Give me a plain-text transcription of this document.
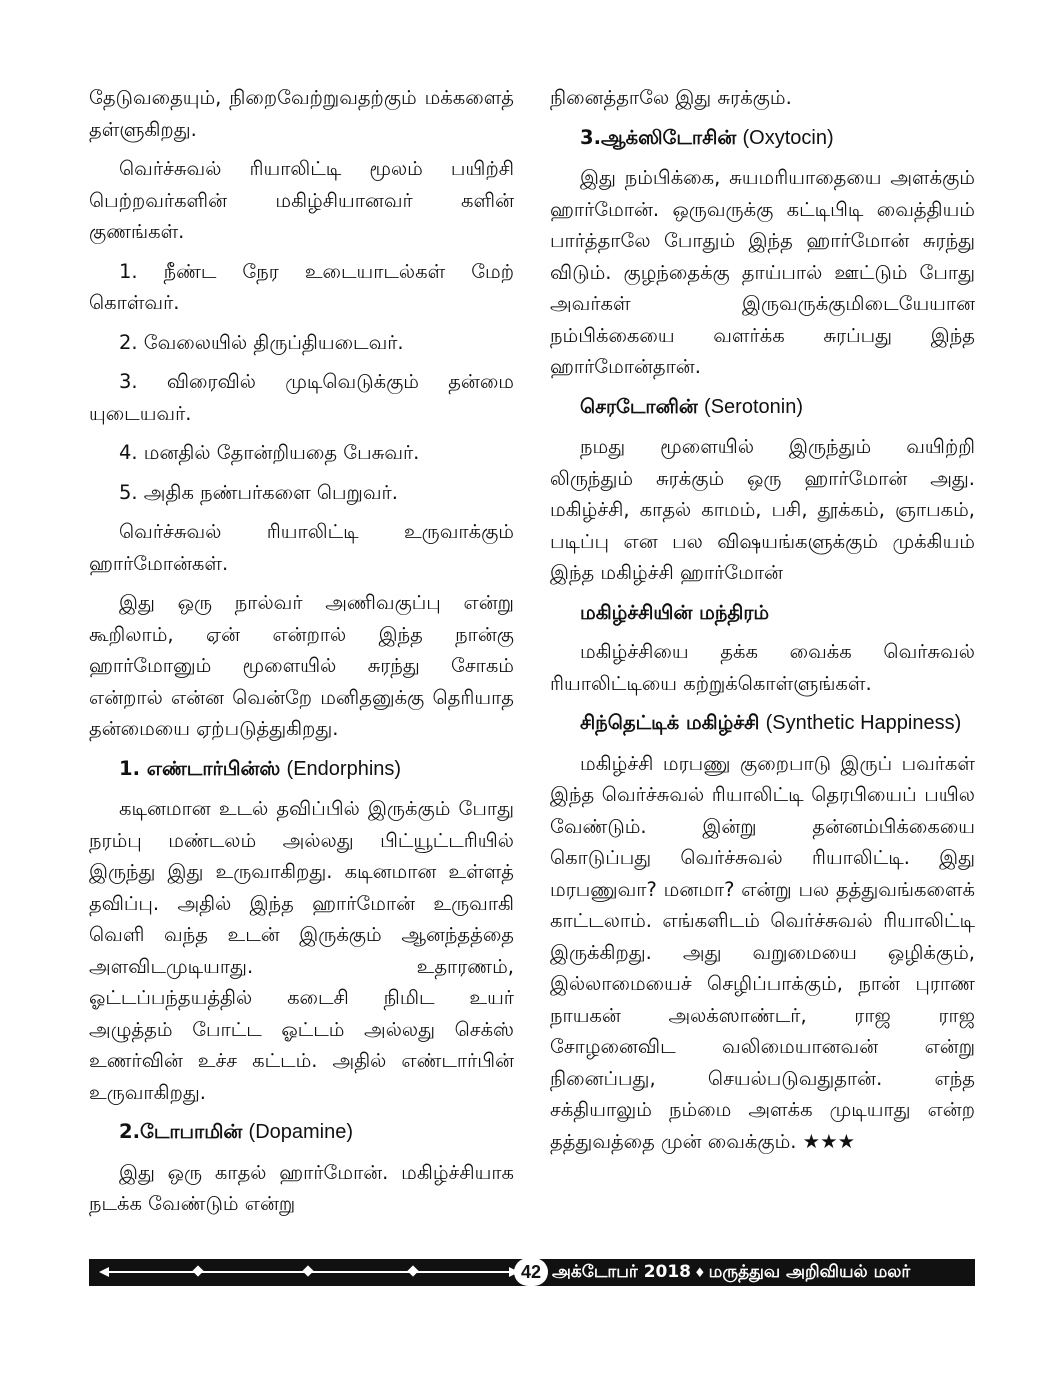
தேடுவதையும், நிறைவேற்றுவதற்கும் மக்களைத் தள்ளுகிறது.

வெர்ச்சுவல் ரியாலிட்டி மூலம் பயிற்சி பெற்றவர்களின் மகிழ்சியானவர் களின் குணங்கள்.

1. நீண்ட நேர உடையாடல்கள் மேற் கொள்வர்.

2. வேலையில் திருப்தியடைவர்.

3. விரைவில் முடிவெடுக்கும் தன்மை யுடையவர்.

4. மனதில் தோன்றியதை பேசுவர்.

5. அதிக நண்பர்களை பெறுவர்.

வெர்ச்சுவல் ரியாலிட்டி உருவாக்கும் ஹார்மோன்கள்.

இது ஒரு நால்வர் அணிவகுப்பு என்று கூறிலாம், ஏன் என்றால் இந்த நான்கு ஹார்மோனும் மூளையில் சுரந்து சோகம் என்றால் என்ன வென்றே மனிதனுக்கு தெரியாத தன்மையை ஏற்படுத்துகிறது.

1. எண்டார்பின்ஸ் (Endorphins)

கடினமான உடல் தவிப்பில் இருக்கும் போது நரம்பு மண்டலம் அல்லது பிட்யூட்டரியில் இருந்து இது உருவாகிறது. கடினமான உள்ளத் தவிப்பு. அதில் இந்த ஹார்மோன் உருவாகி வெளி வந்த உடன் இருக்கும் ஆனந்தத்தை அளவிடமுடியாது. உதாரணம், ஓட்டப்பந்தயத்தில் கடைசி நிமிட உயர் அழுத்தம் போட்ட ஓட்டம் அல்லது செக்ஸ் உணர்வின் உச்ச கட்டம். அதில் எண்டார்பின் உருவாகிறது.

2.டோபாமின் (Dopamine)

இது ஒரு காதல் ஹார்மோன். மகிழ்ச்சியாக நடக்க வேண்டும் என்று

நினைத்தாலே இது சுரக்கும்.

3.ஆக்ஸிடோசின் (Oxytocin)

இது நம்பிக்கை, சுயமரியாதையை அளக்கும் ஹார்மோன். ஒருவருக்கு கட்டிபிடி வைத்தியம் பார்த்தாலே போதும் இந்த ஹார்மோன் சுரந்து விடும். குழந்தைக்கு தாய்பால் ஊட்டும் போது அவர்கள் இருவருக்குமிடையேயான நம்பிக்கையை வளர்க்க சுரப்பது இந்த ஹார்மோன்தான்.

செரடோனின் (Serotonin)

நமது மூளையில் இருந்தும் வயிற்றி லிருந்தும் சுரக்கும் ஒரு ஹார்மோன் அது. மகிழ்ச்சி, காதல் காமம், பசி, தூக்கம், ஞாபகம், படிப்பு என பல விஷயங்களுக்கும் முக்கியம் இந்த மகிழ்ச்சி ஹார்மோன்

மகிழ்ச்சியின் மந்திரம்

மகிழ்ச்சியை தக்க வைக்க வெர்சுவல் ரியாலிட்டியை கற்றுக்கொள்ளுங்கள்.

சிந்தெட்டிக் மகிழ்ச்சி (Synthetic Happiness)

மகிழ்ச்சி மரபணு குறைபாடு இருப் பவர்கள் இந்த வெர்ச்சுவல் ரியாலிட்டி தெரபியைப் பயில வேண்டும். இன்று தன்னம்பிக்கையை கொடுப்பது வெர்ச்சுவல் ரியாலிட்டி. இது மரபணுவா? மனமா? என்று பல தத்துவங்களைக் காட்டலாம். எங்களிடம் வெர்ச்சுவல் ரியாலிட்டி இருக்கிறது. அது வறுமையை ஒழிக்கும், இல்லாமையைச் செழிப்பாக்கும், நான் புராண நாயகன் அலக்ஸாண்டர், ராஜ ராஜ சோழனைவிட வலிமையானவன் என்று நினைப்பது, செயல்படுவதுதான். எந்த சக்தியாலும் நம்மை அளக்க முடியாது என்ற தத்துவத்தை முன் வைக்கும். ★★★

42 அக்டோபர் 2018 ♦ மருத்துவ அறிவியல் மலர்
